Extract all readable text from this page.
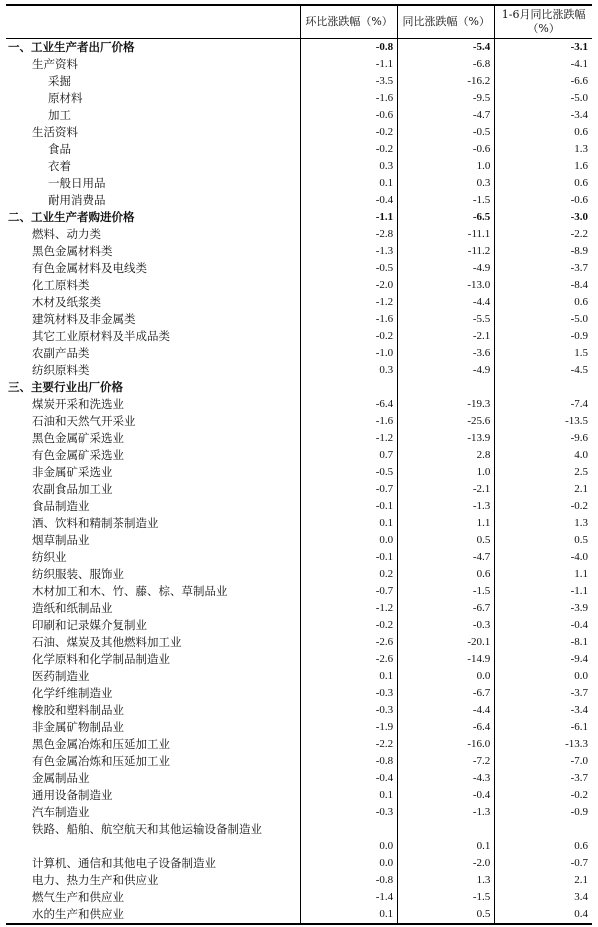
	环比涨跌幅（%）	同比涨跌幅（%）	1-6月同比涨跌幅（%）
一、工业生产者出厂价格	-0.8	-5.4	-3.1
生产资料	-1.1	-6.8	-4.1
采掘	-3.5	-16.2	-6.6
原材料	-1.6	-9.5	-5.0
加工	-0.6	-4.7	-3.4
生活资料	-0.2	-0.5	0.6
食品	-0.2	-0.6	1.3
衣着	0.3	1.0	1.6
一般日用品	0.1	0.3	0.6
耐用消费品	-0.4	-1.5	-0.6
二、工业生产者购进价格	-1.1	-6.5	-3.0
燃料、动力类	-2.8	-11.1	-2.2
黑色金属材料类	-1.3	-11.2	-8.9
有色金属材料及电线类	-0.5	-4.9	-3.7
化工原料类	-2.0	-13.0	-8.4
木材及纸浆类	-1.2	-4.4	0.6
建筑材料及非金属类	-1.6	-5.5	-5.0
其它工业原材料及半成品类	-0.2	-2.1	-0.9
农副产品类	-1.0	-3.6	1.5
纺织原料类	0.3	-4.9	-4.5
三、主要行业出厂价格			
煤炭开采和洗选业	-6.4	-19.3	-7.4
石油和天然气开采业	-1.6	-25.6	-13.5
黑色金属矿采选业	-1.2	-13.9	-9.6
有色金属矿采选业	0.7	2.8	4.0
非金属矿采选业	-0.5	1.0	2.5
农副食品加工业	-0.7	-2.1	2.1
食品制造业	-0.1	-1.3	-0.2
酒、饮料和精制茶制造业	0.1	1.1	1.3
烟草制品业	0.0	0.5	0.5
纺织业	-0.1	-4.7	-4.0
纺织服装、服饰业	0.2	0.6	1.1
木材加工和木、竹、藤、棕、草制品业	-0.7	-1.5	-1.1
造纸和纸制品业	-1.2	-6.7	-3.9
印刷和记录媒介复制业	-0.2	-0.3	-0.4
石油、煤炭及其他燃料加工业	-2.6	-20.1	-8.1
化学原料和化学制品制造业	-2.6	-14.9	-9.4
医药制造业	0.1	0.0	0.0
化学纤维制造业	-0.3	-6.7	-3.7
橡胶和塑料制品业	-0.3	-4.4	-3.4
非金属矿物制品业	-1.9	-6.4	-6.1
黑色金属冶炼和压延加工业	-2.2	-16.0	-13.3
有色金属冶炼和压延加工业	-0.8	-7.2	-7.0
金属制品业	-0.4	-4.3	-3.7
通用设备制造业	0.1	-0.4	-0.2
汽车制造业	-0.3	-1.3	-0.9
铁路、船舶、航空航天和其他运输设备制造业	0.0	0.1	0.6
计算机、通信和其他电子设备制造业	0.0	-2.0	-0.7
电力、热力生产和供应业	-0.8	1.3	2.1
燃气生产和供应业	-1.4	-1.5	3.4
水的生产和供应业	0.1	0.5	0.4
